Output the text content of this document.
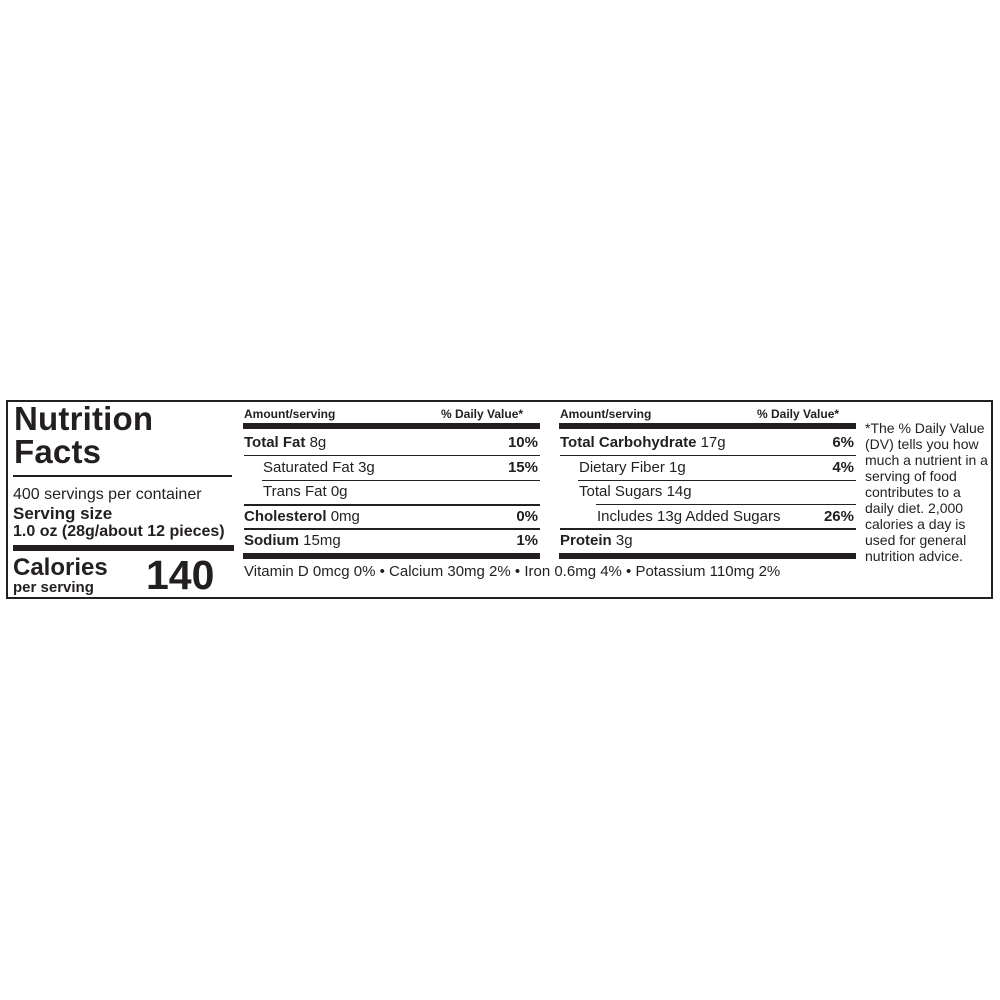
Nutrition
Facts
400 servings per container
Serving size
1.0 oz (28g/about 12 pieces)
Calories
per serving 140
Amount/serving	% Daily Value*
Total Fat 8g	10%
Saturated Fat 3g	15%
Trans Fat 0g
Cholesterol 0mg	0%
Sodium 15mg	1%
Amount/serving	% Daily Value*
Total Carbohydrate 17g	6%
Dietary Fiber 1g	4%
Total Sugars 14g
Includes 13g Added Sugars	26%
Protein 3g
Vitamin D 0mcg 0% • Calcium 30mg 2% • Iron 0.6mg 4% • Potassium 110mg 2%
*The % Daily Value (DV) tells you how much a nutrient in a serving of food contributes to a daily diet. 2,000 calories a day is used for general nutrition advice.
